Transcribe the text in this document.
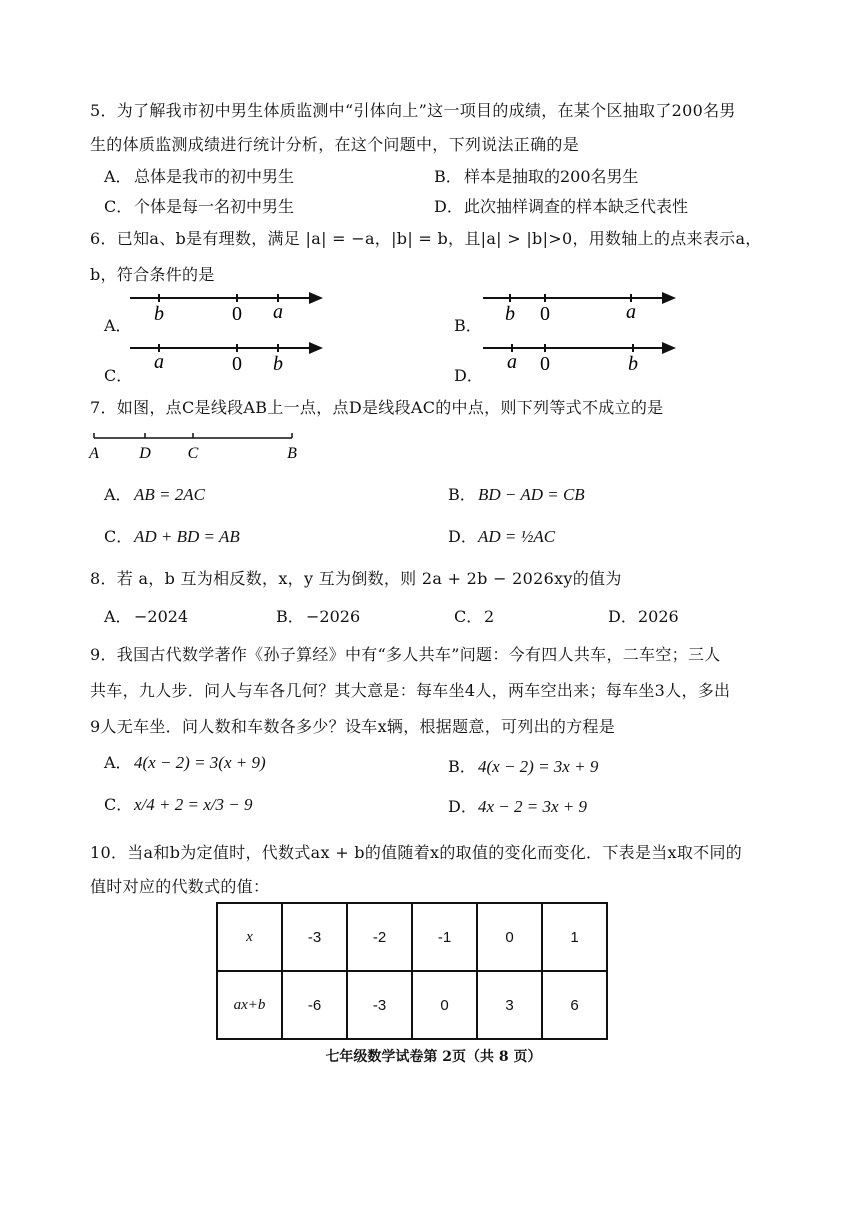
5．为了解我市初中男生体质监测中“引体向上”这一项目的成绩，在某个区抽取了200名男
生的体质监测成绩进行统计分析，在这个问题中，下列说法正确的是
A． 总体是我市的初中男生	B． 样本是抽取的200名男生
C． 个体是每一名初中男生	D．此次抽样调查的样本缺乏代表性
6．已知a、b是有理数，满足 |a| = −a，|b| = b，且|a| > |b|>0，用数轴上的点来表示a，
b，符合条件的是
A．
b	0 a
B．
b 0	a
C．
a	0 b
D．
a 0	b
7．如图，点C是线段AB上一点，点D是线段AC的中点，则下列等式不成立的是
A	D C	B
A． AB = 2AC	B． BD − AD = CB
C． AD + BD = AB	D．AD = ½AC
8．若 a，b 互为相反数，x，y 互为倒数，则 2a + 2b − 2026xy的值为
A． −2024	B． −2026	C． 2	D．2026
9．我国古代数学著作《孙子算经》中有“多人共车”问题：今有四人共车，二车空；三人
共车，九人步．问人与车各几何？其大意是：每车坐4人，两车空出来；每车坐3人，多出
9人无车坐．问人数和车数各多少？设车x辆，根据题意，可列出的方程是
A． 4(x − 2) = 3(x + 9)	B． 4(x − 2) = 3x + 9
C． x/4 + 2 = x/3 − 9	D．4x − 2 = 3x + 9
10．当a和b为定值时，代数式ax + b的值随着x的取值的变化而变化．下表是当x取不同的
值时对应的代数式的值：
x	-3	-2	-1	0	1
ax+b	-6	-3	0	3	6
七年级数学试卷第 2页（共 8 页）
